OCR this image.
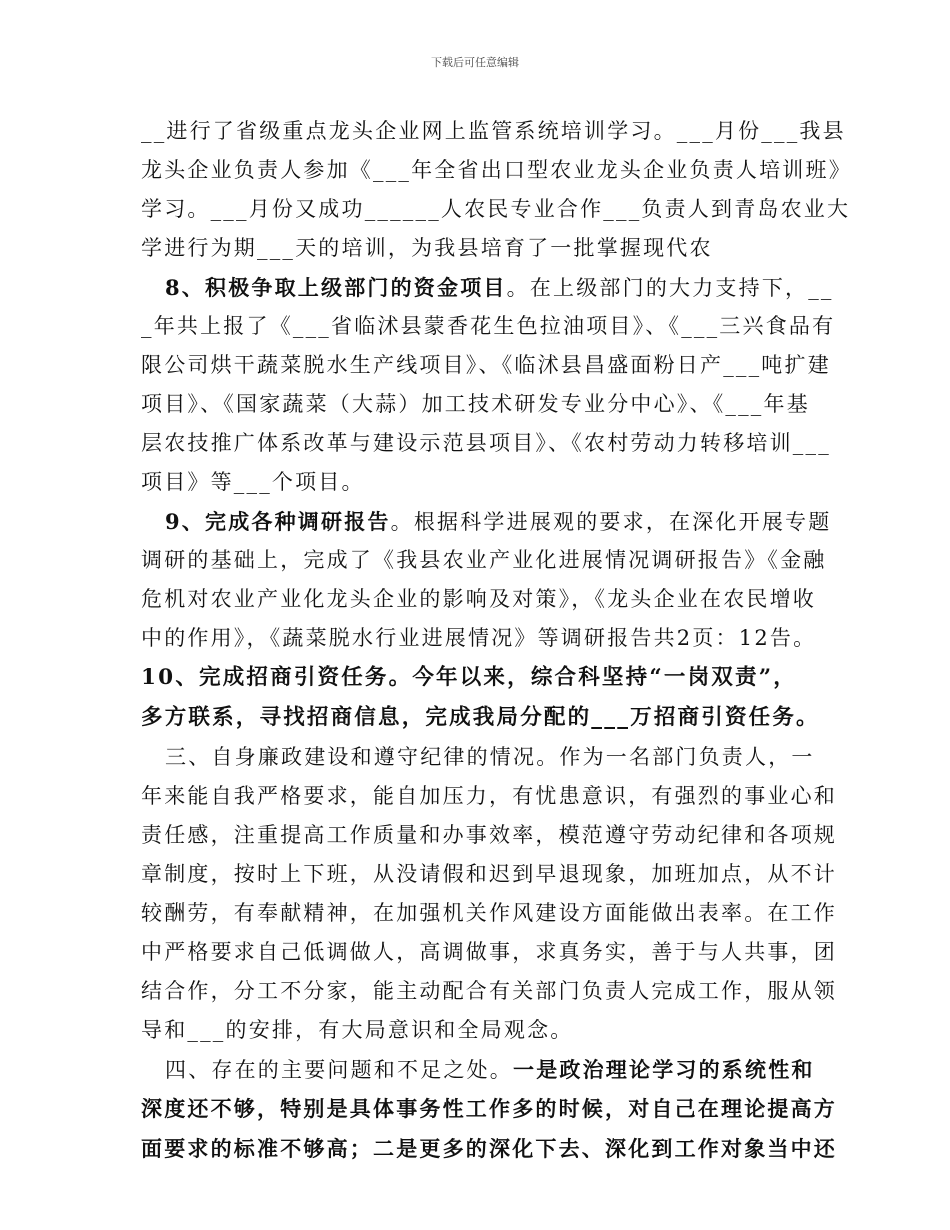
下载后可任意编辑

__进行了省级重点龙头企业网上监管系统培训学习。___月份___我县

龙头企业负责人参加《___年全省出口型农业龙头企业负责人培训班》

学习。___月份又成功______人农民专业合作___负责人到青岛农业大

学进行为期___天的培训，为我县培育了一批掌握现代农

8、积极争取上级部门的资金项目。在上级部门的大力支持下，__

_年共上报了《___省临沭县蒙香花生色拉油项目》、《___三兴食品有

限公司烘干蔬菜脱水生产线项目》、《临沭县昌盛面粉日产___吨扩建

项目》、《国家蔬菜（大蒜）加工技术研发专业分中心》、《___年基

层农技推广体系改革与建设示范县项目》、《农村劳动力转移培训___

项目》等___个项目。

9、完成各种调研报告。根据科学进展观的要求，在深化开展专题

调研的基础上，完成了《我县农业产业化进展情况调研报告》《金融

危机对农业产业化龙头企业的影响及对策》，《龙头企业在农民增收

中的作用》，《蔬菜脱水行业进展情况》等调研报告共2页：12告。

10、完成招商引资任务。今年以来，综合科坚持“一岗双责”，

多方联系，寻找招商信息，完成我局分配的___万招商引资任务。

三、自身廉政建设和遵守纪律的情况。作为一名部门负责人，一

年来能自我严格要求，能自加压力，有忧患意识，有强烈的事业心和

责任感，注重提高工作质量和办事效率，模范遵守劳动纪律和各项规

章制度，按时上下班，从没请假和迟到早退现象，加班加点，从不计

较酬劳，有奉献精神，在加强机关作风建设方面能做出表率。在工作

中严格要求自己低调做人，高调做事，求真务实，善于与人共事，团

结合作，分工不分家，能主动配合有关部门负责人完成工作，服从领

导和___的安排，有大局意识和全局观念。

四、存在的主要问题和不足之处。一是政治理论学习的系统性和

深度还不够，特别是具体事务性工作多的时候，对自己在理论提高方

面要求的标准不够高；二是更多的深化下去、深化到工作对象当中还
